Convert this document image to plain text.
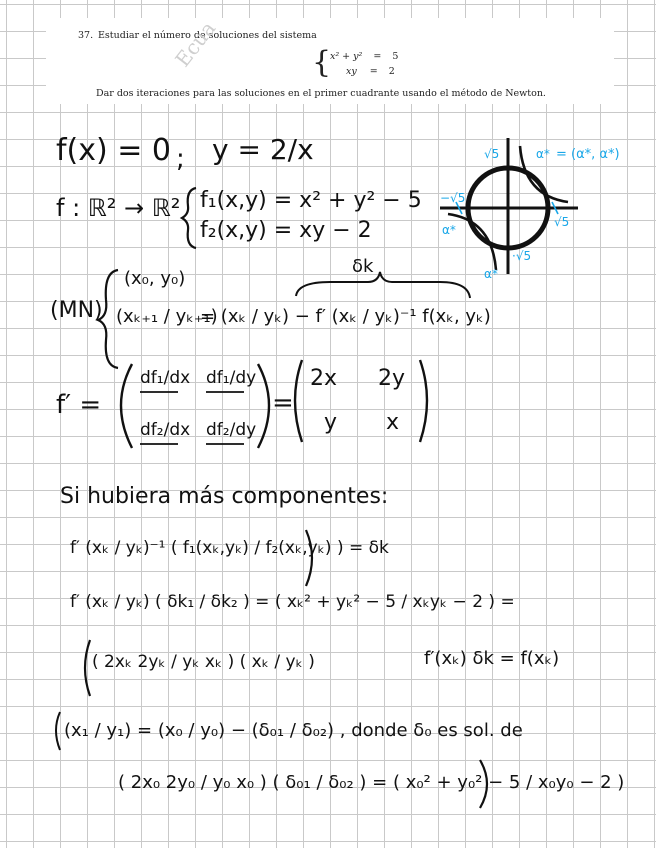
37. Estudiar el número de soluciones del sistema
{
x² + y² = 5
xy = 2
Dar dos iteraciones para las soluciones en el primer cuadrante usando el método de Newton.
Ecua
f(x) = 0 ; y = 2/x
f : ℝ² → ℝ² f₁(x,y) = x² + y² − 5
f₂(x,y) = xy − 2
δk
(MN)
(x₀, y₀)
(xₖ₊₁ / yₖ₊₁)
= (xₖ / yₖ) − f′ (xₖ / yₖ)⁻¹ f(xₖ, yₖ)
f′ =
df₁/dx df₁/dy
df₂/dx df₂/dy
=
2x 2y
y x
Si hubiera más componentes:
f′ (xₖ / yₖ)⁻¹ ( f₁(xₖ,yₖ) / f₂(xₖ,yₖ) ) = δk
f′ (xₖ / yₖ) ( δk₁ / δk₂ ) = ( xₖ² + yₖ² − 5 / xₖyₖ − 2 ) =
( 2xₖ 2yₖ / yₖ xₖ ) ( xₖ / yₖ )	f′(xₖ) δk = f(xₖ)
(x₁ / y₁) = (x₀ / y₀) − (δ₀₁ / δ₀₂) , donde δ₀ es sol. de
( 2x₀ 2y₀ / y₀ x₀ ) ( δ₀₁ / δ₀₂ ) = ( x₀² + y₀² − 5 / x₀y₀ − 2 )
√5	α* = (α*, α*)
−√5
α*
√5
α*
·√5
